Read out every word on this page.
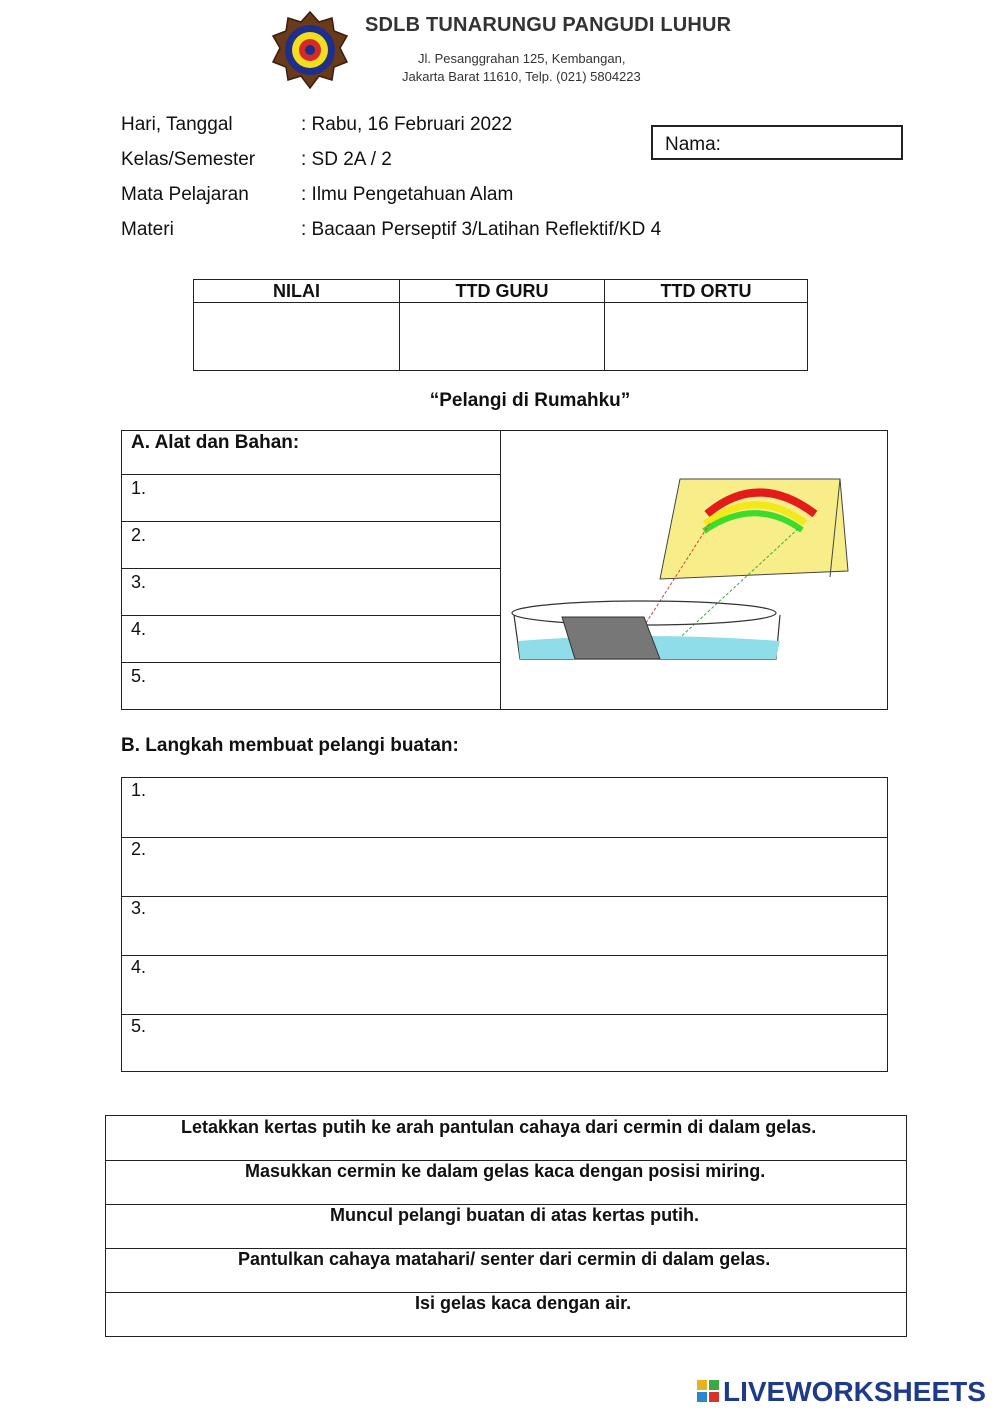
SDLB TUNARUNGU PANGUDI LUHUR
Jl. Pesanggrahan 125, Kembangan,
Jakarta Barat 11610, Telp. (021) 5804223
Hari, Tanggal	: Rabu, 16 Februari 2022
Kelas/Semester : SD 2A / 2
Mata Pelajaran	: Ilmu Pengetahuan Alam
Materi	: Bacaan Perseptif 3/Latihan Reflektif/KD 4
Nama:
NILAI	TTD GURU	TTD ORTU

“Pelangi di Rumahku”
A. Alat dan Bahan:
1.
2.
3.
4.
5.
B. Langkah membuat pelangi buatan:
1.
2.
3.
4.
5.
Letakkan kertas putih ke arah pantulan cahaya dari cermin di dalam gelas.
Masukkan cermin ke dalam gelas kaca dengan posisi miring.
Muncul pelangi buatan di atas kertas putih.
Pantulkan cahaya matahari/ senter dari cermin di dalam gelas.
Isi gelas kaca dengan air.
LIVEWORKSHEETS
